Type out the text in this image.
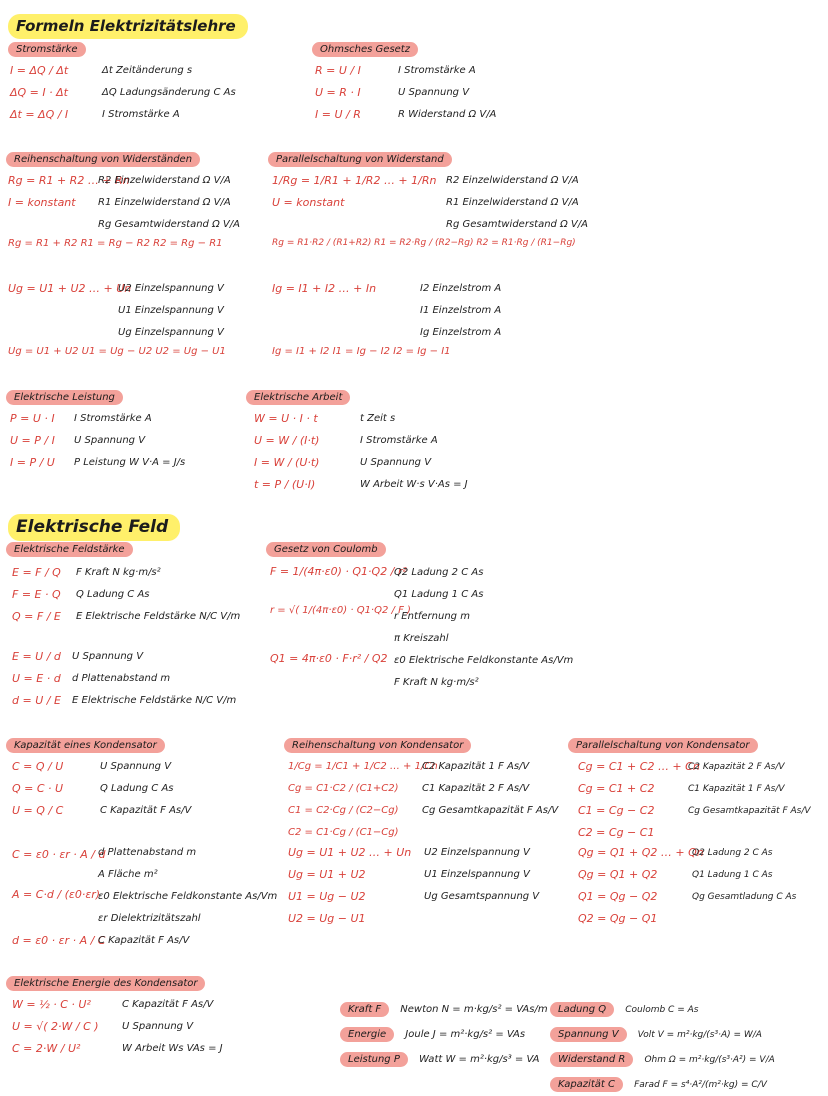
Formeln Elektrizitätslehre
Stromstärke
I = ΔQ / Δt
ΔQ = I · Δt
Δt = ΔQ / I
Δt Zeitänderung s
ΔQ Ladungsänderung C As
I Stromstärke A
Ohmsches Gesetz
R = U / I
U = R · I
I = U / R
I Stromstärke A
U Spannung V
R Widerstand Ω V/A
Reihenschaltung von Widerständen
Rg = R1 + R2 … + Rn
I = konstant
R2 Einzelwiderstand Ω V/A
R1 Einzelwiderstand Ω V/A
Rg Gesamtwiderstand Ω V/A
Rg = R1 + R2 R1 = Rg − R2 R2 = Rg − R1
Ug = U1 + U2 … + Un
U2 Einzelspannung V
U1 Einzelspannung V
Ug Einzelspannung V
Ug = U1 + U2 U1 = Ug − U2 U2 = Ug − U1
Parallelschaltung von Widerstand
1/Rg = 1/R1 + 1/R2 … + 1/Rn
U = konstant
R2 Einzelwiderstand Ω V/A
R1 Einzelwiderstand Ω V/A
Rg Gesamtwiderstand Ω V/A
Rg = R1·R2 / (R1+R2) R1 = R2·Rg / (R2−Rg) R2 = R1·Rg / (R1−Rg)
Ig = I1 + I2 … + In	I2 Einzelstrom A
I1 Einzelstrom A
Ig Einzelstrom A
Ig = I1 + I2 I1 = Ig − I2 I2 = Ig − I1
Elektrische Leistung
P = U · I
U = P / I
I = P / U
I Stromstärke A
U Spannung V
P Leistung W V·A = J/s
Elektrische Arbeit
W = U · I · t
U = W / (I·t)
I = W / (U·t)
t = P / (U·I)
t Zeit s
I Stromstärke A
U Spannung V
W Arbeit W·s V·As = J
Elektrische Feld
Elektrische Feldstärke
E = F / Q
F = E · Q
Q = F / E
F Kraft N kg·m/s²
Q Ladung C As
E Elektrische Feldstärke N/C V/m
E = U / d
U = E · d
d = U / E
U Spannung V
d Plattenabstand m
E Elektrische Feldstärke N/C V/m
Gesetz von Coulomb
F = 1/(4π·ε0) · Q1·Q2 / r²
r = √( 1/(4π·ε0) · Q1·Q2 / F )
Q1 = 4π·ε0 · F·r² / Q2
Q2 Ladung 2 C As
Q1 Ladung 1 C As
r Entfernung m
π Kreiszahl
ε0 Elektrische Feldkonstante As/Vm
F Kraft N kg·m/s²
Kapazität eines Kondensator
C = Q / U
Q = C · U
U = Q / C
U Spannung V
Q Ladung C As
C Kapazität F As/V
C = ε0 · εr · A / d
A = C·d / (ε0·εr)
d = ε0 · εr · A / C
d Plattenabstand m
A Fläche m²
ε0 Elektrische Feldkonstante As/Vm
εr Dielektrizitätszahl
C Kapazität F As/V
Reihenschaltung von Kondensator
1/Cg = 1/C1 + 1/C2 … + 1/Cn
Cg = C1·C2 / (C1+C2)
C1 = C2·Cg / (C2−Cg)
C2 = C1·Cg / (C1−Cg)
C2 Kapazität 1 F As/V
C1 Kapazität 2 F As/V
Cg Gesamtkapazität F As/V
Ug = U1 + U2 … + Un
Ug = U1 + U2
U1 = Ug − U2
U2 = Ug − U1
U2 Einzelspannung V
U1 Einzelspannung V
Ug Gesamtspannung V
Parallelschaltung von Kondensator
Cg = C1 + C2 … + Cn
Cg = C1 + C2
C1 = Cg − C2
C2 = Cg − C1
C2 Kapazität 2 F As/V
C1 Kapazität 1 F As/V
Cg Gesamtkapazität F As/V
Qg = Q1 + Q2 … + Qn
Qg = Q1 + Q2
Q1 = Qg − Q2
Q2 = Qg − Q1
Q2 Ladung 2 C As
Q1 Ladung 1 C As
Qg Gesamtladung C As
Elektrische Energie des Kondensator
W = ½ · C · U²
U = √( 2·W / C )
C = 2·W / U²
C Kapazität F As/V
U Spannung V
W Arbeit Ws VAs = J
Kraft F Newton N = m·kg/s² = VAs/m
Energie Joule J = m²·kg/s² = VAs
Leistung P Watt W = m²·kg/s³ = VA
Ladung Q Coulomb C = As
Spannung V Volt V = m²·kg/(s³·A) = W/A
Widerstand R Ohm Ω = m²·kg/(s³·A²) = V/A
Kapazität C Farad F = s⁴·A²/(m²·kg) = C/V
